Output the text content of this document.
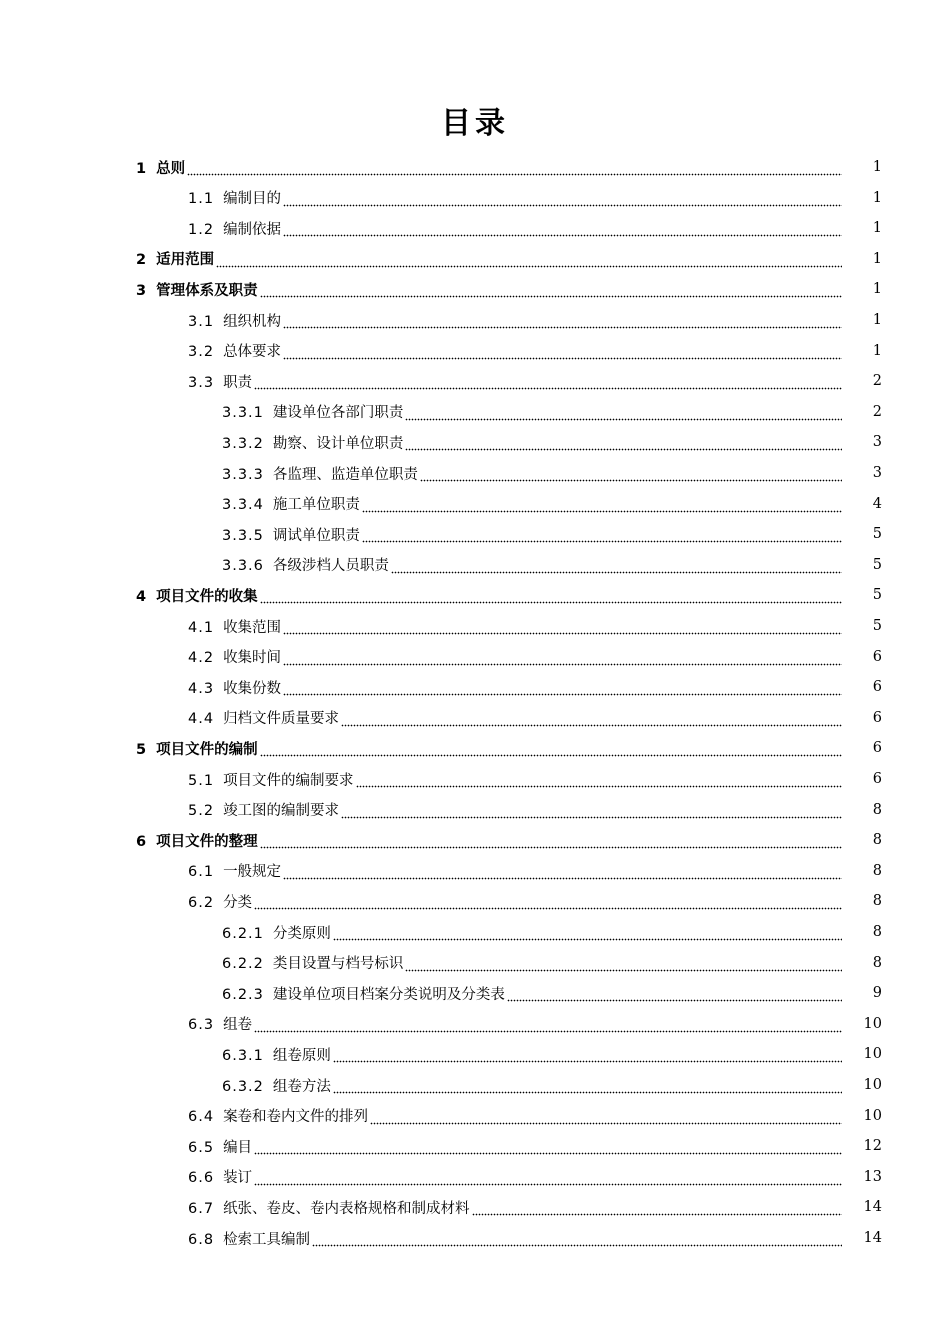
目录
1 总则	1
1.1 编制目的	1
1.2 编制依据	1
2 适用范围	1
3 管理体系及职责	1
3.1 组织机构	1
3.2 总体要求	1
3.3 职责	2
3.3.1 建设单位各部门职责	2
3.3.2 勘察、设计单位职责	3
3.3.3 各监理、监造单位职责	3
3.3.4 施工单位职责	4
3.3.5 调试单位职责	5
3.3.6 各级涉档人员职责	5
4 项目文件的收集	5
4.1 收集范围	5
4.2 收集时间	6
4.3 收集份数	6
4.4 归档文件质量要求	6
5 项目文件的编制	6
5.1 项目文件的编制要求	6
5.2 竣工图的编制要求	8
6 项目文件的整理	8
6.1 一般规定	8
6.2 分类	8
6.2.1 分类原则	8
6.2.2 类目设置与档号标识	8
6.2.3 建设单位项目档案分类说明及分类表	9
6.3 组卷	10
6.3.1 组卷原则	10
6.3.2 组卷方法	10
6.4 案卷和卷内文件的排列	10
6.5 编目	12
6.6 装订	13
6.7 纸张、卷皮、卷内表格规格和制成材料	14
6.8 检索工具编制	14
